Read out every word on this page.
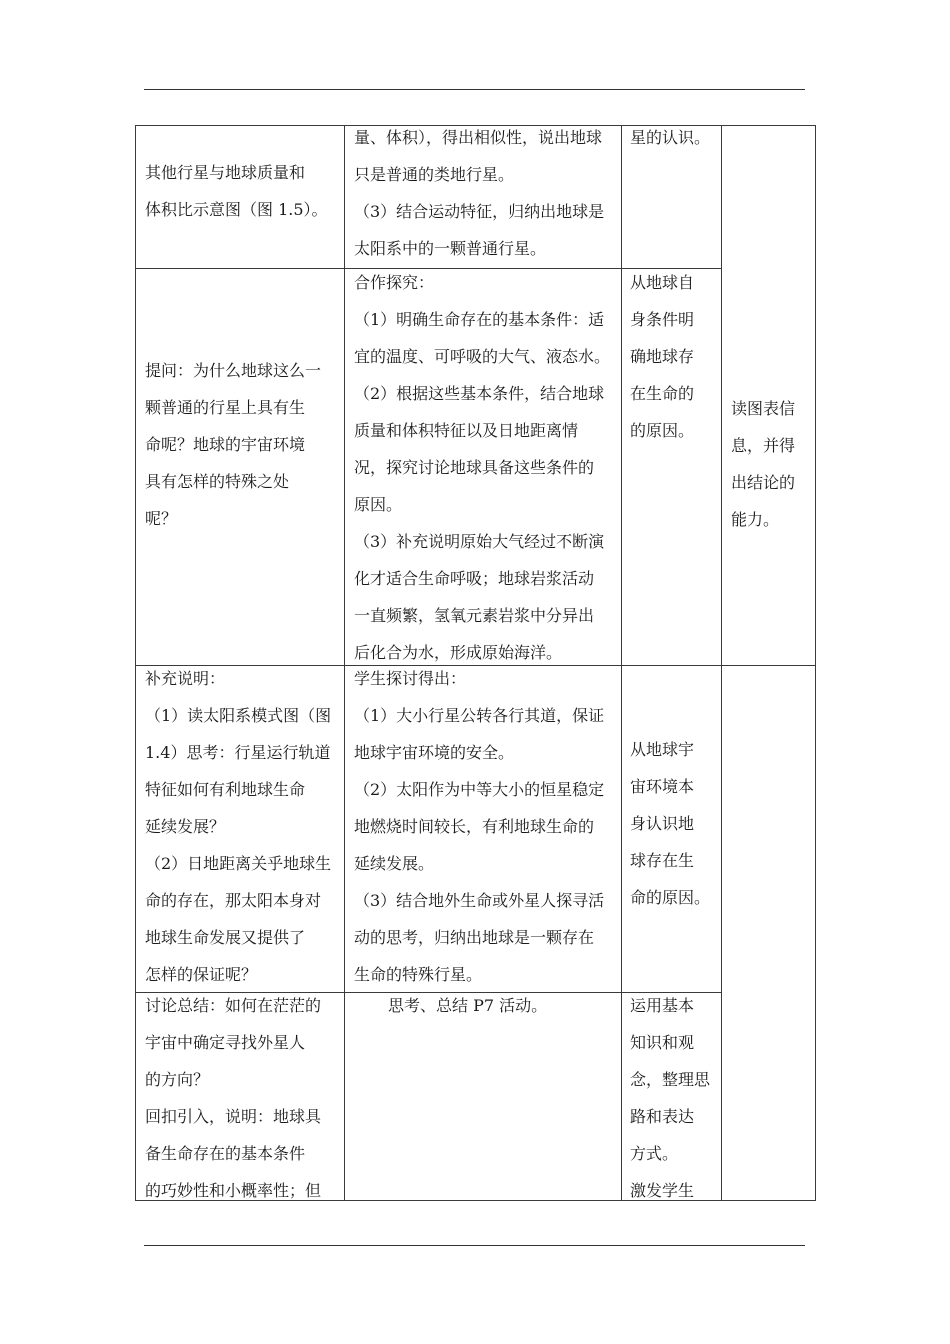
其他行星与地球质量和
体积比示意图（图 1.5）。
量、体积），得出相似性，说出地球
只是普通的类地行星。
（3）结合运动特征，归纳出地球是
太阳系中的一颗普通行星。
星的认识。
提问：为什么地球这么一
颗普通的行星上具有生
命呢？地球的宇宙环境
具有怎样的特殊之处
呢？
合作探究：
（1）明确生命存在的基本条件：适
宜的温度、可呼吸的大气、液态水。
（2）根据这些基本条件，结合地球
质量和体积特征以及日地距离情
况，探究讨论地球具备这些条件的
原因。
（3）补充说明原始大气经过不断演
化才适合生命呼吸；地球岩浆活动
一直频繁，氢氧元素岩浆中分异出
后化合为水，形成原始海洋。
从地球自
身条件明
确地球存
在生命的
的原因。
读图表信
息，并得
出结论的
能力。
补充说明：
（1）读太阳系模式图（图
1.4）思考：行星运行轨道
特征如何有利地球生命
延续发展？
（2）日地距离关乎地球生
命的存在，那太阳本身对
地球生命发展又提供了
怎样的保证呢？
学生探讨得出：
（1）大小行星公转各行其道，保证
地球宇宙环境的安全。
（2）太阳作为中等大小的恒星稳定
地燃烧时间较长，有利地球生命的
延续发展。
（3）结合地外生命或外星人探寻活
动的思考，归纳出地球是一颗存在
生命的特殊行星。
从地球宇
宙环境本
身认识地
球存在生
命的原因。
讨论总结：如何在茫茫的
宇宙中确定寻找外星人
的方向？
回扣引入，说明：地球具
备生命存在的基本条件
的巧妙性和小概率性；但
思考、总结 P7 活动。	运用基本
知识和观
念，整理思
路和表达
方式。
激发学生
